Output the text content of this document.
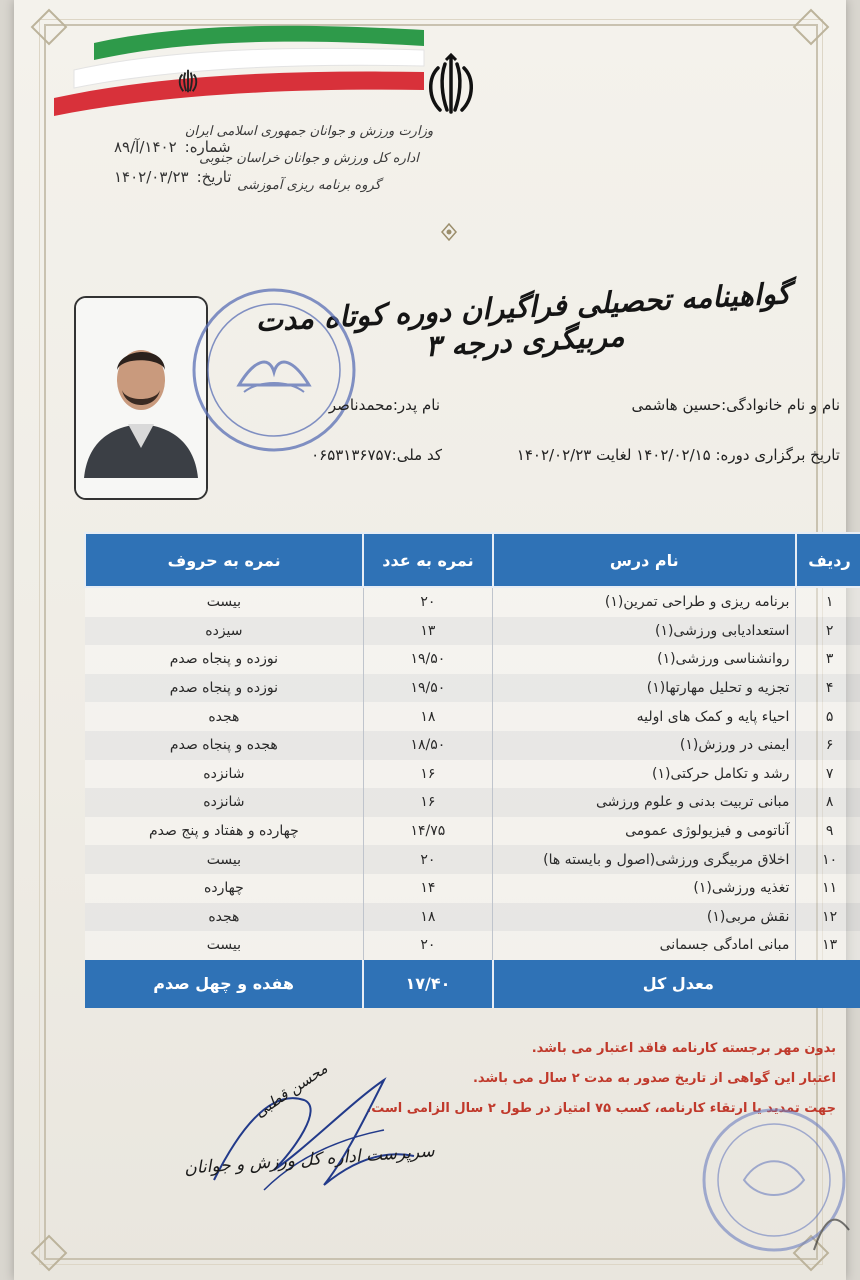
وزارت ورزش و جوانان جمهوری اسلامی ایران
اداره کل ورزش و جوانان خراسان جنوبی
گروه برنامه ریزی آموزشی
شماره:
۱۴۰۲/آ/۸۹
تاریخ:
۱۴۰۲/۰۳/۲۳
گواهینامه تحصیلی فراگیران دوره کوتاه مدت مربیگری درجه ۳
نام و نام خانوادگی:حسین هاشمی
نام پدر:محمدناصر
تاریخ برگزاری دوره: ۱۴۰۲/۰۲/۱۵ لغایت ۱۴۰۲/۰۲/۲۳
کد ملی:۰۶۵۳۱۳۶۷۵۷
ردیف	نام درس	نمره به عدد	نمره به حروف
۱	برنامه ریزی و طراحی تمرین(۱)	۲۰	بیست
۲	استعدادیابی ورزشی(۱)	۱۳	سیزده
۳	روانشناسی ورزشی(۱)	۱۹/۵۰	نوزده و پنجاه صدم
۴	تجزیه و تحلیل مهارتها(۱)	۱۹/۵۰	نوزده و پنجاه صدم
۵	احیاء پایه و کمک های اولیه	۱۸	هجده
۶	ایمنی در ورزش(۱)	۱۸/۵۰	هجده و پنجاه صدم
۷	رشد و تکامل حرکتی(۱)	۱۶	شانزده
۸	مبانی تربیت بدنی و علوم ورزشی	۱۶	شانزده
۹	آناتومی و فیزیولوژی عمومی	۱۴/۷۵	چهارده و هفتاد و پنج صدم
۱۰	اخلاق مربیگری ورزشی(اصول و بایسته ها)	۲۰	بیست
۱۱	تغذیه ورزشی(۱)	۱۴	چهارده
۱۲	نقش مربی(۱)	۱۸	هجده
۱۳	مبانی امادگی جسمانی	۲۰	بیست
معدل کل		۱۷/۴۰	هفده و چهل صدم
بدون مهر برجسته کارنامه فاقد اعتبار می باشد.
اعتبار این گواهی از تاریخ صدور به مدت ۲ سال می باشد.
جهت تمدید یا ارتقاء کارنامه، کسب ۷۵ امتیاز در طول ۲ سال الزامی است.
محسن قطبی
سرپرست اداره کل ورزش و جوانان
